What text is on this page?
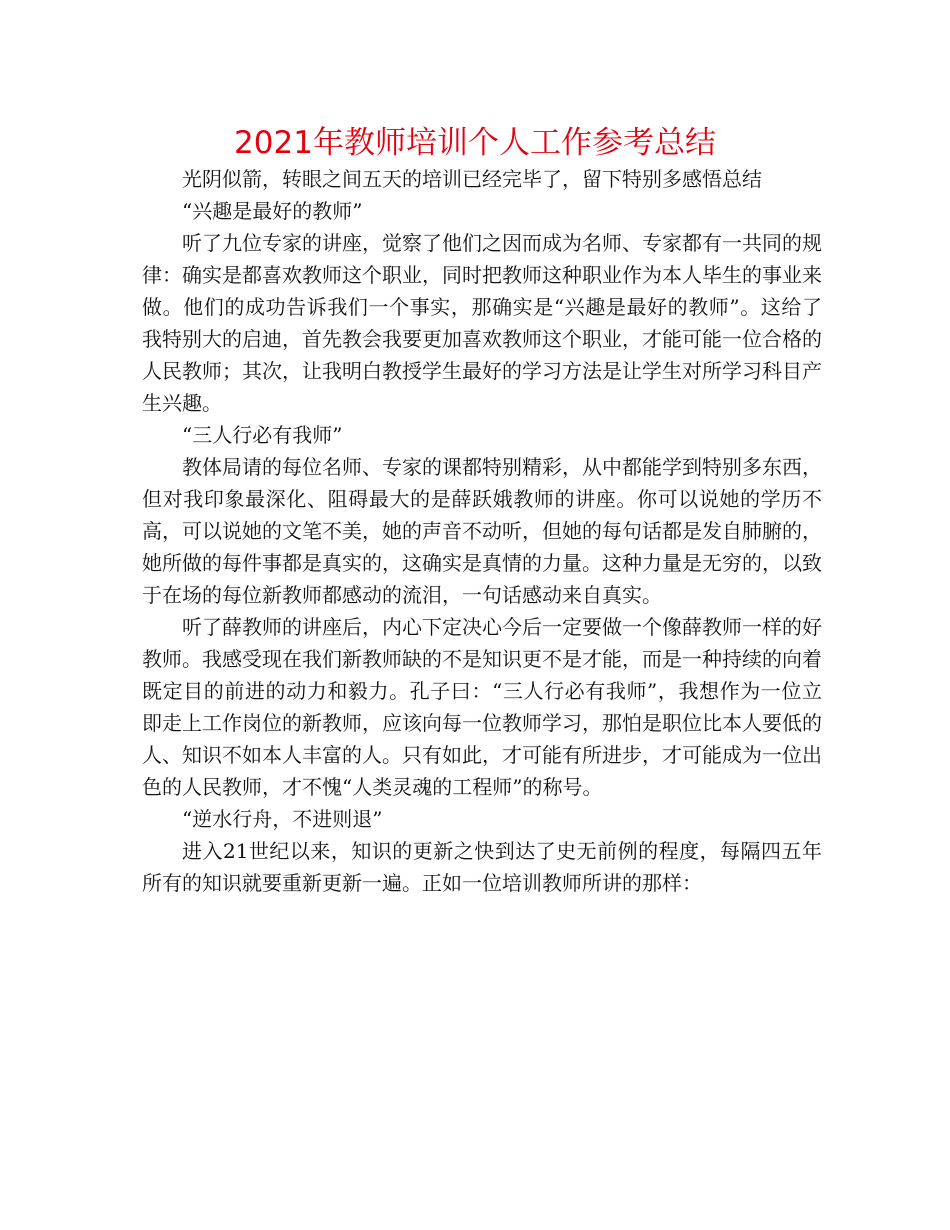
2021年教师培训个人工作参考总结

光阴似箭，转眼之间五天的培训已经完毕了，留下特别多感悟总结

“兴趣是最好的教师”

听了九位专家的讲座，觉察了他们之因而成为名师、专家都有一共同的规律：确实是都喜欢教师这个职业，同时把教师这种职业作为本人毕生的事业来做。他们的成功告诉我们一个事实，那确实是“兴趣是最好的教师”。这给了我特别大的启迪，首先教会我要更加喜欢教师这个职业，才能可能一位合格的人民教师；其次，让我明白教授学生最好的学习方法是让学生对所学习科目产生兴趣。

“三人行必有我师”

教体局请的每位名师、专家的课都特别精彩，从中都能学到特别多东西，但对我印象最深化、阻碍最大的是薛跃娥教师的讲座。你可以说她的学历不高，可以说她的文笔不美，她的声音不动听，但她的每句话都是发自肺腑的，她所做的每件事都是真实的，这确实是真情的力量。这种力量是无穷的，以致于在场的每位新教师都感动的流泪，一句话感动来自真实。

听了薛教师的讲座后，内心下定决心今后一定要做一个像薛教师一样的好教师。我感受现在我们新教师缺的不是知识更不是才能，而是一种持续的向着既定目的前进的动力和毅力。孔子曰：“三人行必有我师”，我想作为一位立即走上工作岗位的新教师，应该向每一位教师学习，那怕是职位比本人要低的人、知识不如本人丰富的人。只有如此，才可能有所进步，才可能成为一位出色的人民教师，才不愧“人类灵魂的工程师”的称号。

“逆水行舟，不进则退”

进入21世纪以来，知识的更新之快到达了史无前例的程度，每隔四五年所有的知识就要重新更新一遍。正如一位培训教师所讲的那样：
